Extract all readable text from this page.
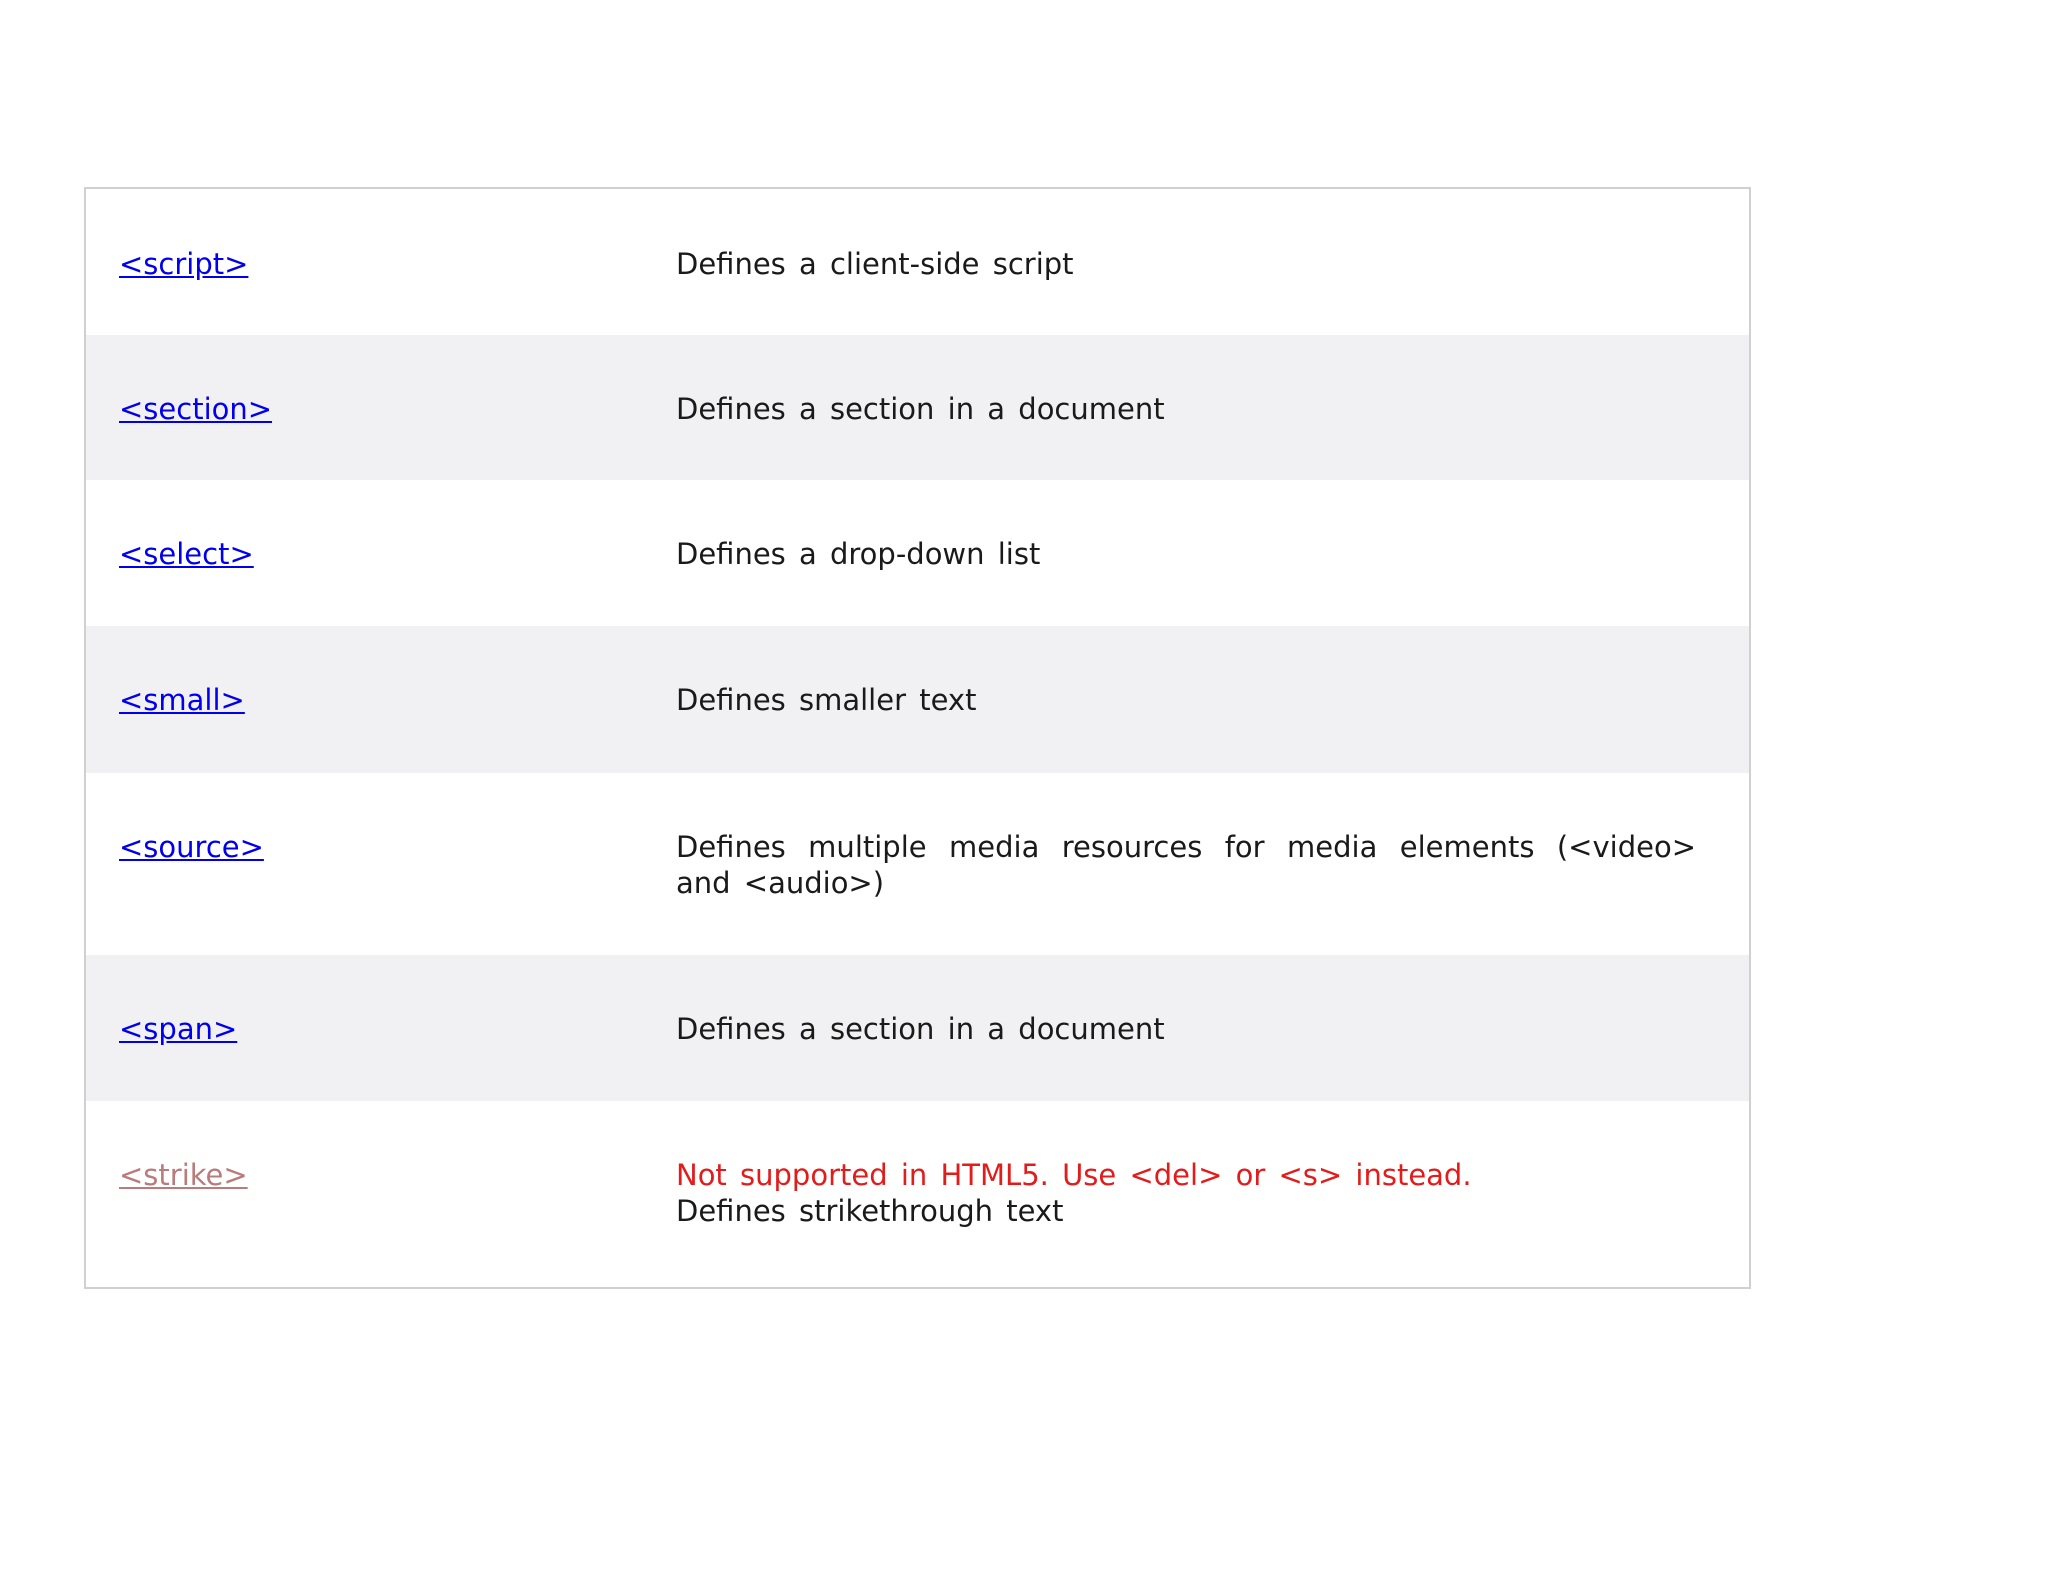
<script>	Defines a client-side script
<section>	Defines a section in a document
<select>	Defines a drop-down list
<small>	Defines smaller text
<source>	Defines multiple media resources for media elements (<video> and <audio>)
<span>	Defines a section in a document
<strike>	Not supported in HTML5. Use <del> or <s> instead.
Defines strikethrough text
